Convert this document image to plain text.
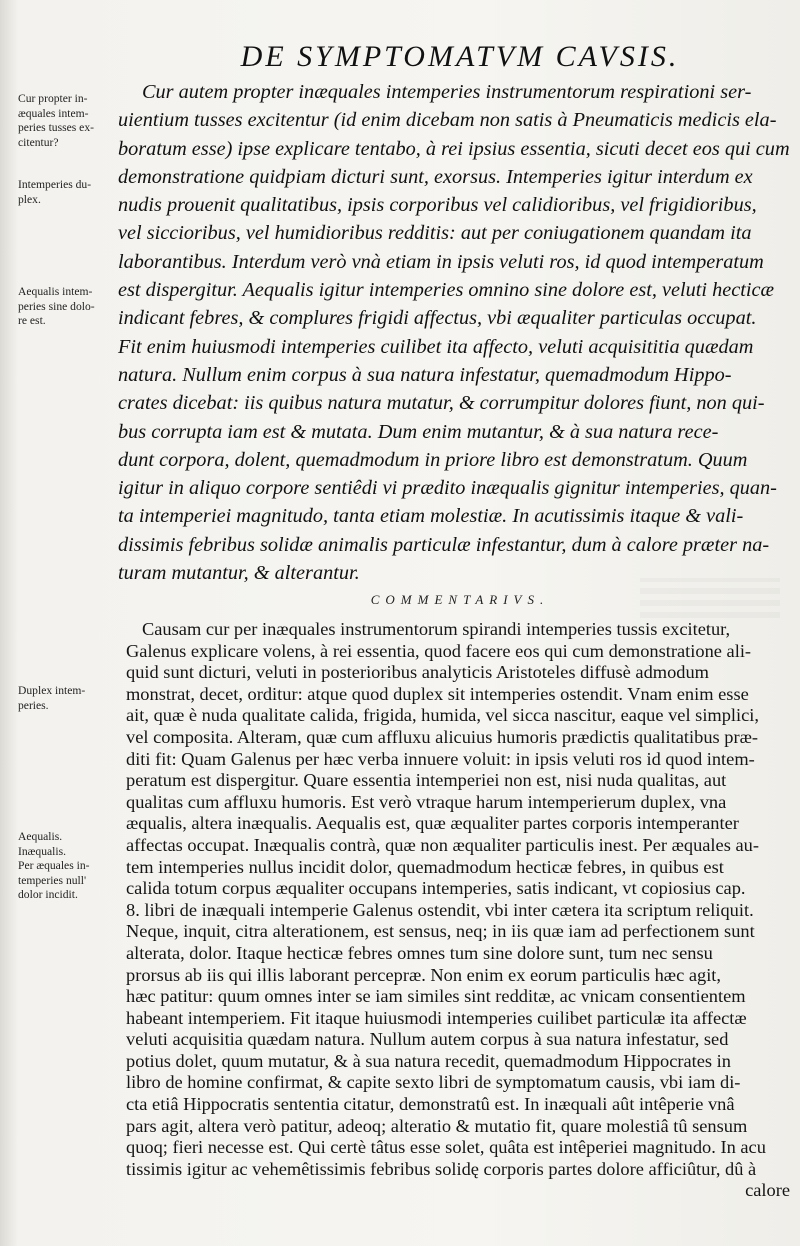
DE SYMPTOMATVM CAVSIS.
Cur propter in-
æquales intem-
peries tusses ex-
citentur?
Intemperies du-
plex.
Aequalis intem-
peries sine dolo-
re est.
Duplex intem-
peries.
Aequalis.
Inæqualis.
Per æquales in-
temperies null'
dolor incidit.
Cur autem propter inæquales intemperies instrumentorum respirationi ser-
uientium tusses excitentur (id enim dicebam non satis à Pneumaticis medicis ela-
boratum esse) ipse explicare tentabo, à rei ipsius essentia, sicuti decet eos qui cum
demonstratione quidpiam dicturi sunt, exorsus. Intemperies igitur interdum ex
nudis prouenit qualitatibus, ipsis corporibus vel calidioribus, vel frigidioribus,
vel siccioribus, vel humidioribus redditis: aut per coniugationem quandam ita
laborantibus. Interdum verò vnà etiam in ipsis veluti ros, id quod intemperatum
est dispergitur. Aequalis igitur intemperies omnino sine dolore est, veluti hecticæ
indicant febres, & complures frigidi affectus, vbi æqualiter particulas occupat.
Fit enim huiusmodi intemperies cuilibet ita affecto, veluti acquisititia quædam
natura. Nullum enim corpus à sua natura infestatur, quemadmodum Hippo-
crates dicebat: iis quibus natura mutatur, & corrumpitur dolores fiunt, non qui-
bus corrupta iam est & mutata. Dum enim mutantur, & à sua natura rece-
dunt corpora, dolent, quemadmodum in priore libro est demonstratum. Quum
igitur in aliquo corpore sentiêdi vi prædito inæqualis gignitur intemperies, quan-
ta intemperiei magnitudo, tanta etiam molestiæ. In acutissimis itaque & vali-
dissimis febribus solidæ animalis particulæ infestantur, dum à calore præter na-
turam mutantur, & alterantur.
COMMENTARIVS.
Causam cur per inæquales instrumentorum spirandi intemperies tussis excitetur,
Galenus explicare volens, à rei essentia, quod facere eos qui cum demonstratione ali-
quid sunt dicturi, veluti in posterioribus analyticis Aristoteles diffusè admodum
monstrat, decet, orditur: atque quod duplex sit intemperies ostendit. Vnam enim esse
ait, quæ è nuda qualitate calida, frigida, humida, vel sicca nascitur, eaque vel simplici,
vel composita. Alteram, quæ cum affluxu alicuius humoris prædictis qualitatibus præ-
diti fit: Quam Galenus per hæc verba innuere voluit: in ipsis veluti ros id quod intem-
peratum est dispergitur. Quare essentia intemperiei non est, nisi nuda qualitas, aut
qualitas cum affluxu humoris. Est verò vtraque harum intemperierum duplex, vna
æqualis, altera inæqualis. Aequalis est, quæ æqualiter partes corporis intemperanter
affectas occupat. Inæqualis contrà, quæ non æqualiter particulis inest. Per æquales au-
tem intemperies nullus incidit dolor, quemadmodum hecticæ febres, in quibus est
calida totum corpus æqualiter occupans intemperies, satis indicant, vt copiosius cap.
8. libri de inæquali intemperie Galenus ostendit, vbi inter cætera ita scriptum reliquit.
Neque, inquit, citra alterationem, est sensus, neq; in iis quæ iam ad perfectionem sunt
alterata, dolor. Itaque hecticæ febres omnes tum sine dolore sunt, tum nec sensu
prorsus ab iis qui illis laborant percepræ. Non enim ex eorum particulis hæc agit,
hæc patitur: quum omnes inter se iam similes sint redditæ, ac vnicam consentientem
habeant intemperiem. Fit itaque huiusmodi intemperies cuilibet particulæ ita affectæ
veluti acquisitia quædam natura. Nullum autem corpus à sua natura infestatur, sed
potius dolet, quum mutatur, & à sua natura recedit, quemadmodum Hippocrates in
libro de homine confirmat, & capite sexto libri de symptomatum causis, vbi iam di-
cta etiâ Hippocratis sententia citatur, demonstratû est. In inæquali aût intêperie vnâ
pars agit, altera verò patitur, adeoq; alteratio & mutatio fit, quare molestiâ tû sensum
quoq; fieri necesse est. Qui certè tâtus esse solet, quâta est intêperiei magnitudo. In acu
tissimis igitur ac vehemêtissimis febribus solidę corporis partes dolore afficiûtur, dû à
calore
